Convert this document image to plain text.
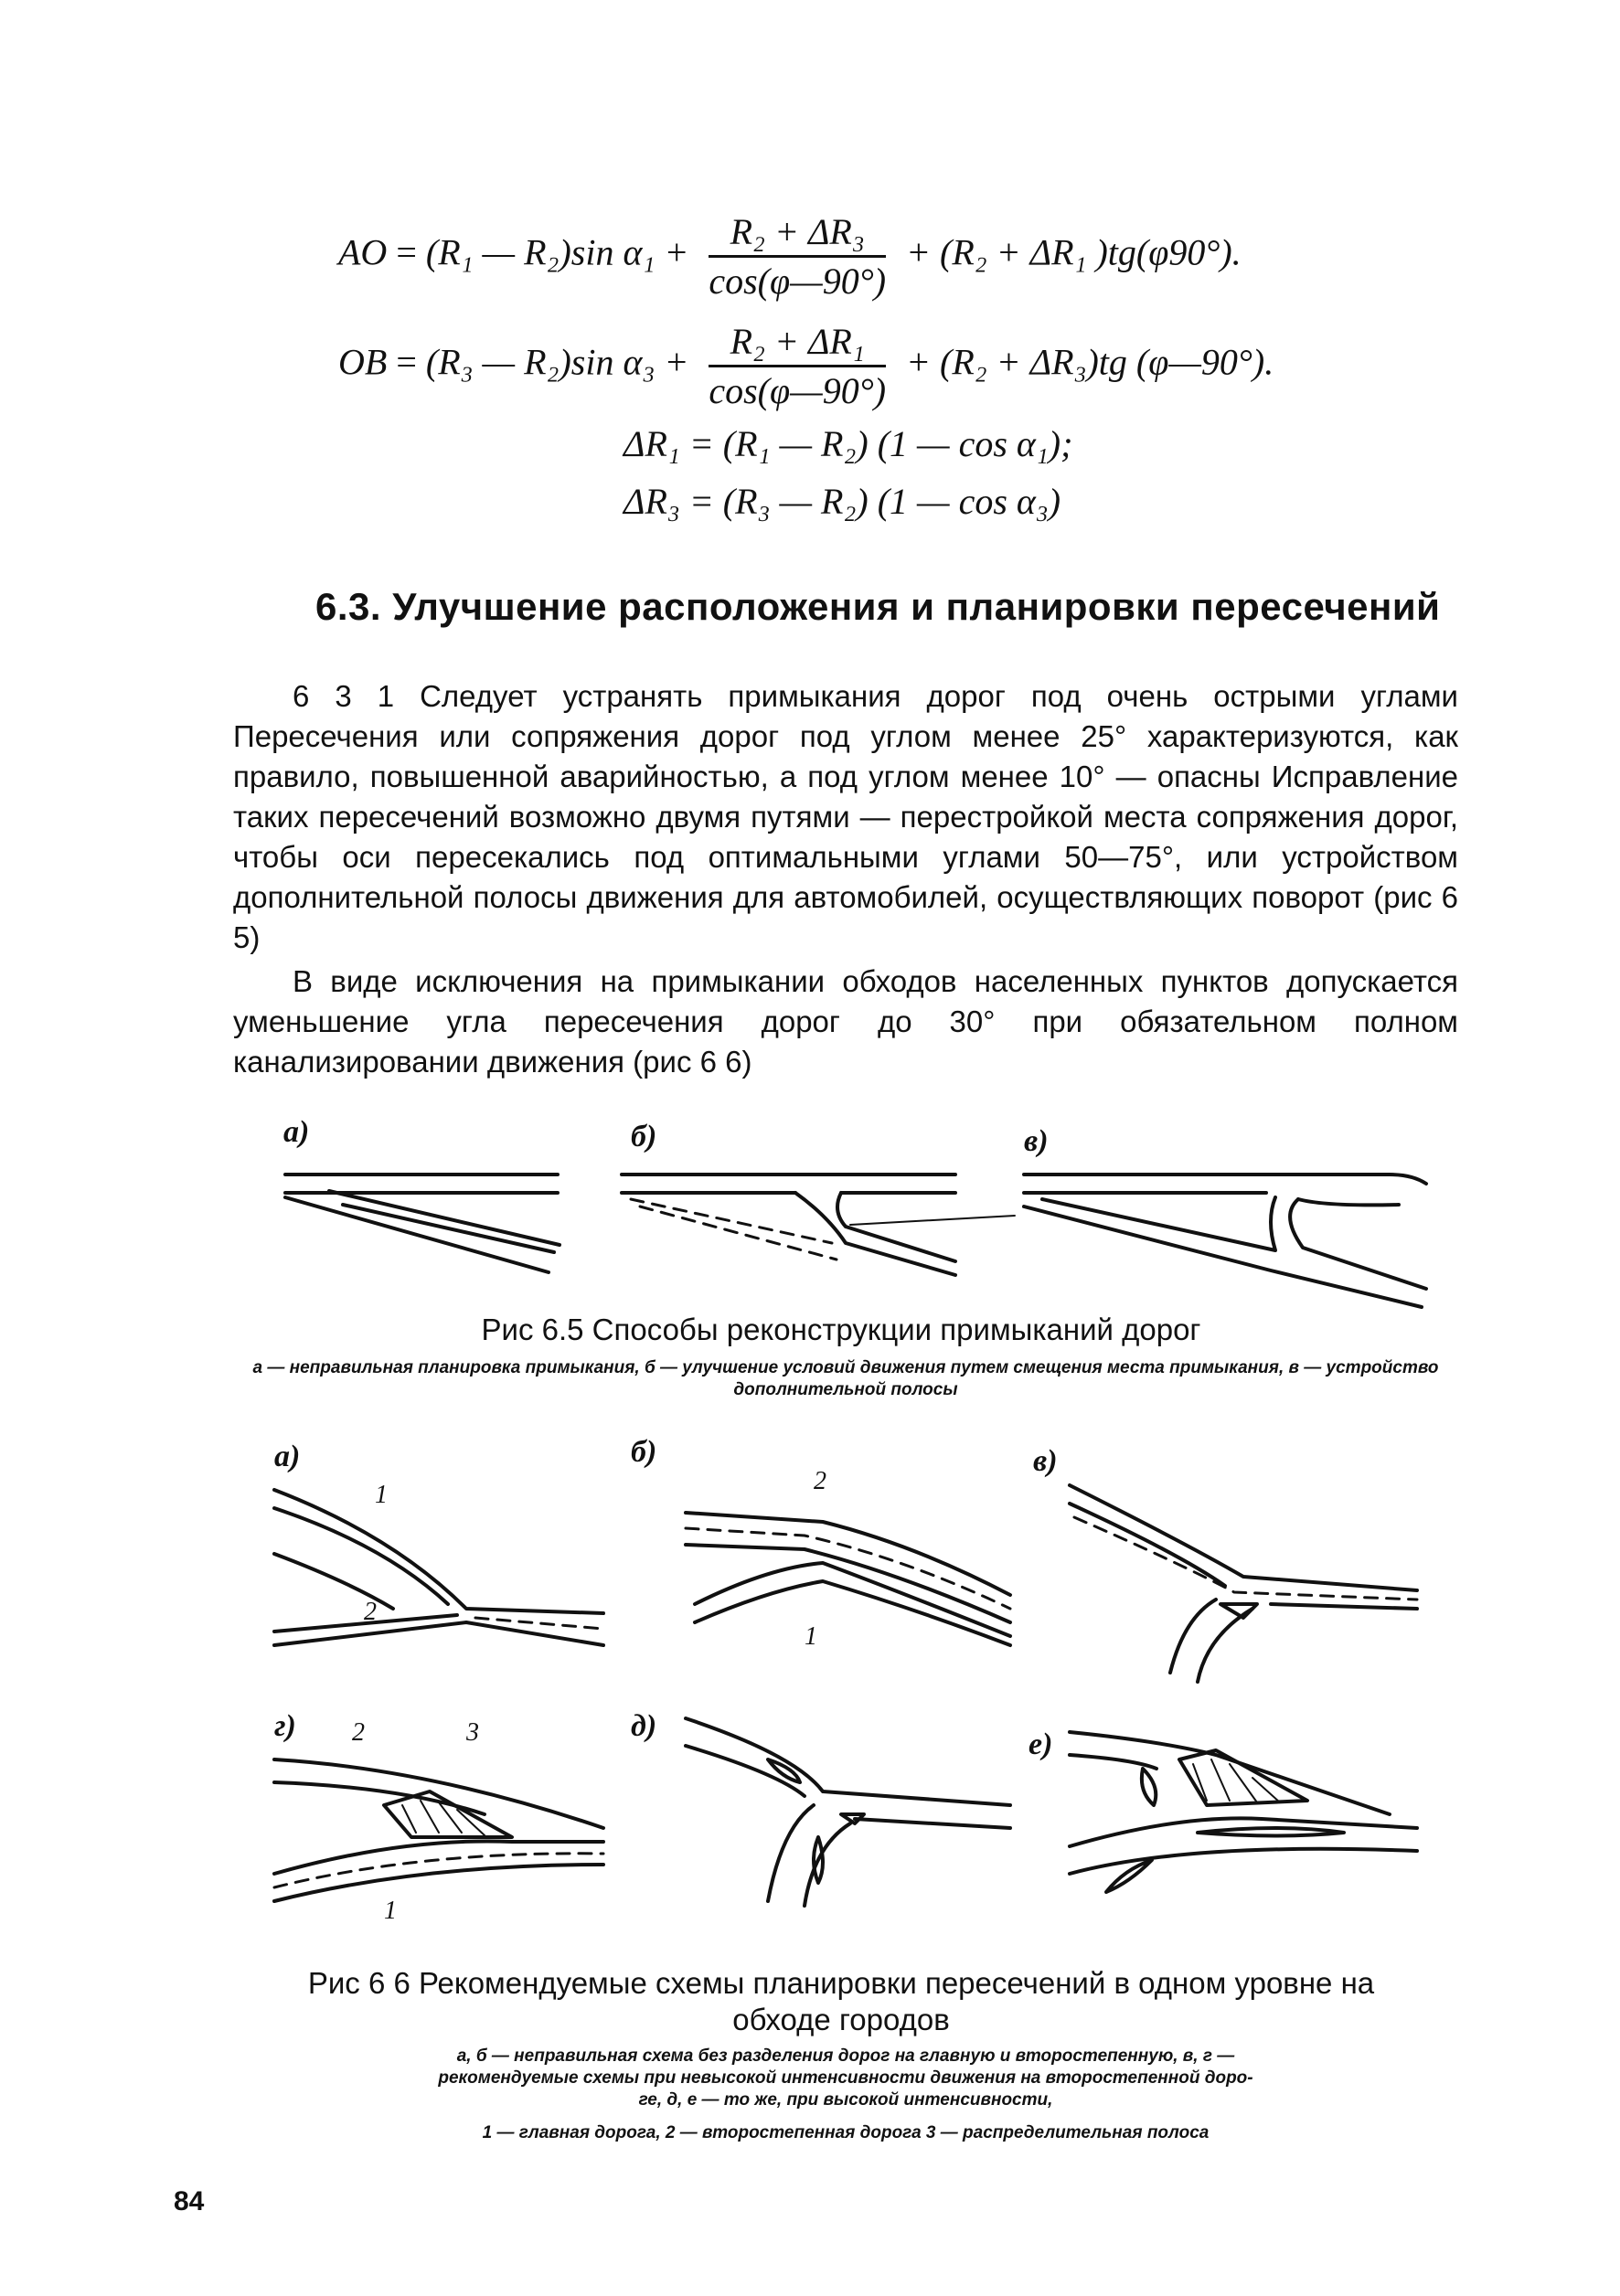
AO = (R₁ — R₂)sin $\alpha_1 + \frac{\text{R₂ + ΔR₃}}{\cos(\varphi—90^\circ)} + (R_2 + \Delta R_1$ )tg(φ90°).
OB = (R₃ — R₂)sin $\alpha_3 + \frac{\text{R₂ + ΔR₁}}{\cos(\varphi—90^\circ)} + (R_2 + \Delta R_3)tg$ (φ—90°).
ΔR₁ = (R₁ — R₂) (1 — cos α₁);
ΔR₃ = (R₃ — R₂) (1 — cos α₃)
6.3. Улучшение расположения и планировки пересечений
6 3 1 Следует устранять примыкания дорог под очень острыми углами Пересечения или сопряжения дорог под углом менее 25° характеризуются, как правило, повышенной аварийностью, а под углом менее 10° — опасны Исправление таких пересечений возможно двумя путями — перестройкой места сопряжения дорог, чтобы оси пересекались под оптимальными углами 50—75°, или устройством дополнительной полосы движения для автомобилей, осуществляющих поворот (рис 6 5)
В виде исключения на примыкании обходов населенных пунктов допускается уменьшение угла пересечения дорог до 30° при обязательном полном канализировании движения (рис 6 6)
а)	б)	в)
Рис 6.5 Способы реконструкции примыканий дорог
а — неправильная планировка примыкания, б — улучшение условий движения путем смещения места примыкания, в — устройство дополнительной полосы
а)	б)	в)
г)	д)
е)
1
2
2
1
2	3
1
Рис 6 6 Рекомендуемые схемы планировки пересечений в одном уровне на
обходе городов
а, б — неправильная схема без разделения дорог на главную и второстепенную, в, г —
рекомендуемые схемы при невысокой интенсивности движения на второстепенной доро-
ге, д, е — то же, при высокой интенсивности,
1 — главная дорога, 2 — второстепенная дорога 3 — распределительная полоса
84
